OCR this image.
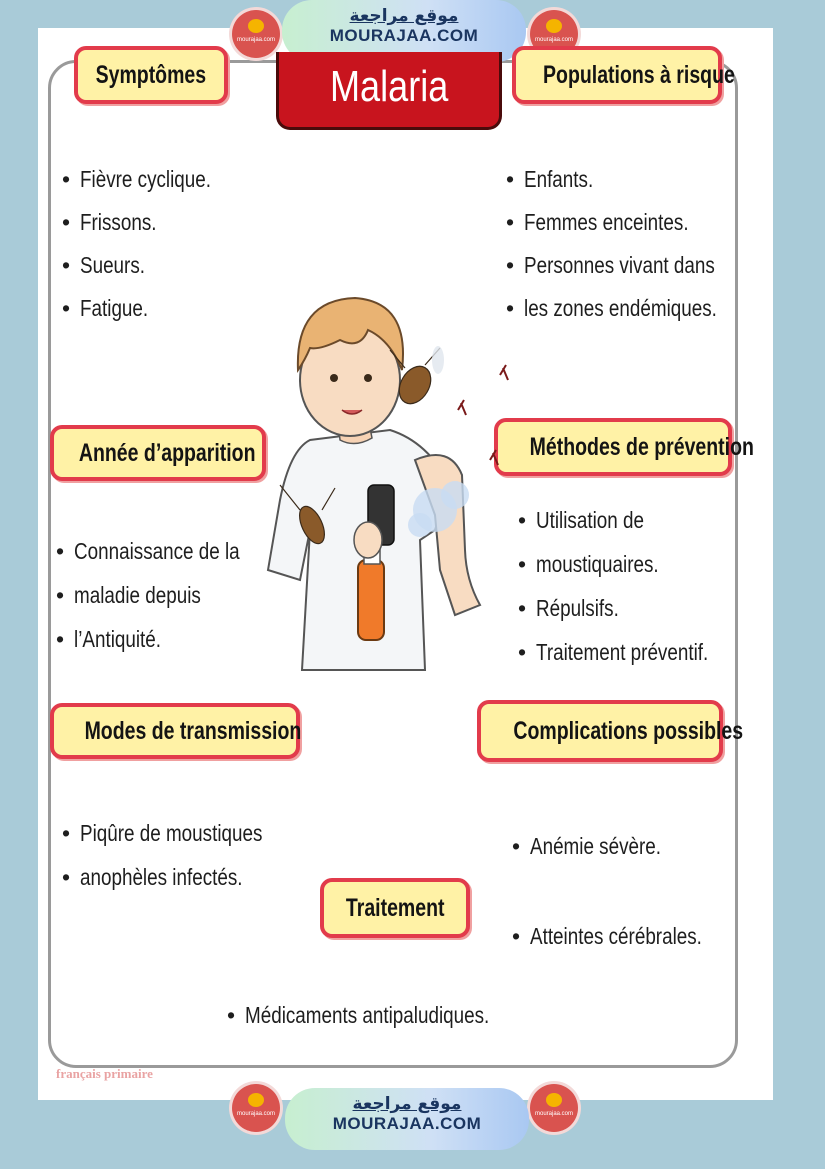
mourajaa.com	mourajaa.com
موقع مراجعة
MOURAJAA.COM
Malaria
Symptômes	Populations à risque
Année d’apparition	Méthodes de prévention
Modes de transmission	Complications possibles
Traitement
• Fièvre cyclique.
• Frissons.
• Sueurs.
• Fatigue.
• Enfants.
• Femmes enceintes.
• Personnes vivant dans
• les zones endémiques.
• Connaissance de la
• maladie depuis
• l’Antiquité.
• Utilisation de
• moustiquaires.
• Répulsifs.
• Traitement préventif.
• Piqûre de moustiques
• anophèles infectés.
• Anémie sévère.
• Atteintes cérébrales.
• Médicaments antipaludiques.
français primaire
mourajaa.com	mourajaa.com
موقع مراجعة
MOURAJAA.COM
